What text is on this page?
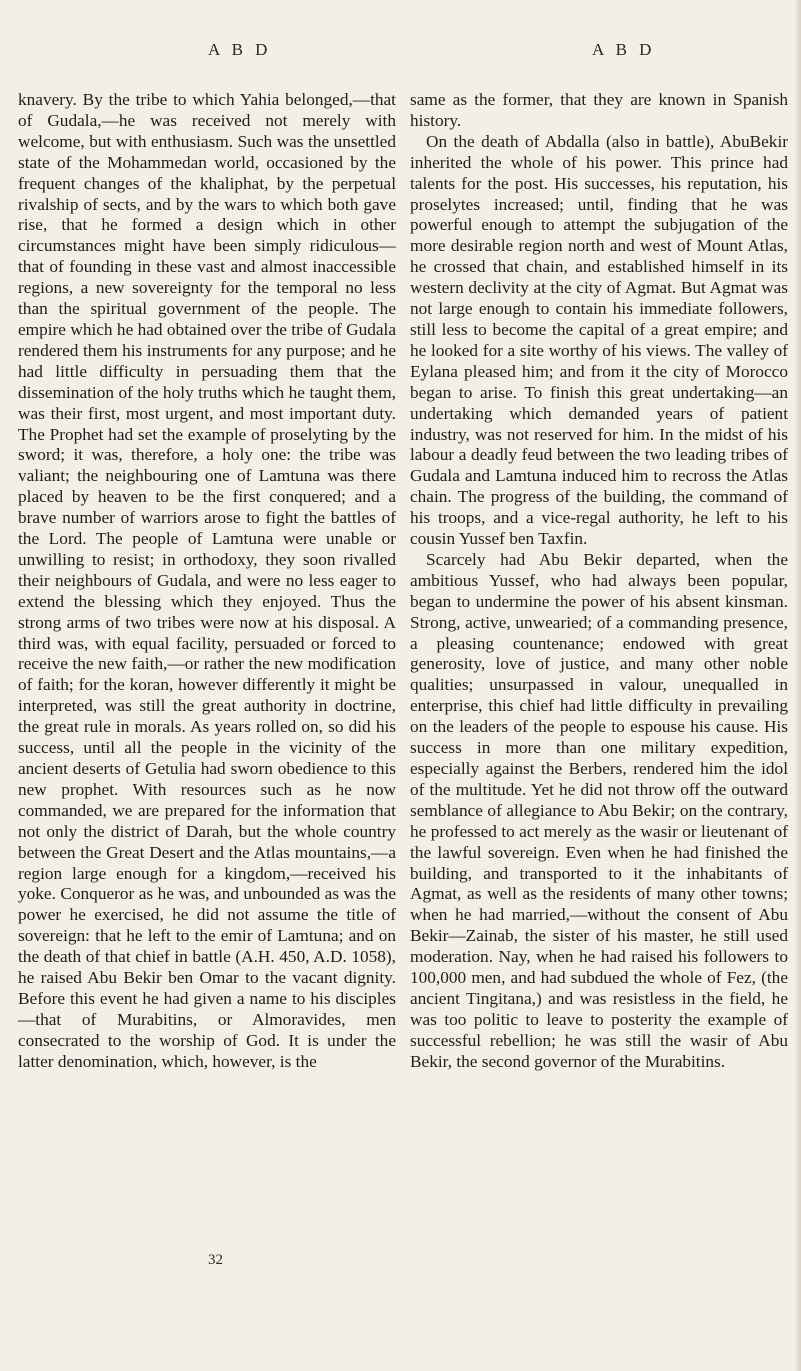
A B D	A B D

knavery. By the tribe to which Yahia belonged,—that of Gudala,—he was received not merely with welcome, but with enthusiasm. Such was the unsettled state of the Mohammedan world, occasioned by the frequent changes of the khaliphat, by the perpetual rivalship of sects, and by the wars to which both gave rise, that he formed a design which in other circumstances might have been simply ridiculous—that of founding in these vast and almost inaccessible regions, a new sovereignty for the temporal no less than the spiritual government of the people. The empire which he had obtained over the tribe of Gudala rendered them his instruments for any purpose; and he had little difficulty in persuading them that the dissemination of the holy truths which he taught them, was their first, most urgent, and most important duty. The Prophet had set the example of proselyting by the sword; it was, therefore, a holy one: the tribe was valiant; the neighbouring one of Lamtuna was there placed by heaven to be the first conquered; and a brave number of warriors arose to fight the battles of the Lord. The people of Lamtuna were unable or unwilling to resist; in orthodoxy, they soon rivalled their neighbours of Gudala, and were no less eager to extend the blessing which they enjoyed. Thus the strong arms of two tribes were now at his disposal. A third was, with equal facility, persuaded or forced to receive the new faith,—or rather the new modification of faith; for the koran, however differently it might be interpreted, was still the great authority in doctrine, the great rule in morals. As years rolled on, so did his success, until all the people in the vicinity of the ancient deserts of Getulia had sworn obedience to this new prophet. With resources such as he now commanded, we are prepared for the information that not only the district of Darah, but the whole country between the Great Desert and the Atlas mountains,—a region large enough for a kingdom,—received his yoke. Conqueror as he was, and unbounded as was the power he exercised, he did not assume the title of sovereign: that he left to the emir of Lamtuna; and on the death of that chief in battle (A.H. 450, A.D. 1058), he raised Abu Bekir ben Omar to the vacant dignity. Before this event he had given a name to his disciples—that of Murabitins, or Almoravides, men consecrated to the worship of God. It is under the latter denomination, which, however, is the

same as the former, that they are known in Spanish history.

On the death of Abdalla (also in battle), AbuBekir inherited the whole of his power. This prince had talents for the post. His successes, his reputation, his proselytes increased; until, finding that he was powerful enough to attempt the subjugation of the more desirable region north and west of Mount Atlas, he crossed that chain, and established himself in its western declivity at the city of Agmat. But Agmat was not large enough to contain his immediate followers, still less to become the capital of a great empire; and he looked for a site worthy of his views. The valley of Eylana pleased him; and from it the city of Morocco began to arise. To finish this great undertaking—an undertaking which demanded years of patient industry, was not reserved for him. In the midst of his labour a deadly feud between the two leading tribes of Gudala and Lamtuna induced him to recross the Atlas chain. The progress of the building, the command of his troops, and a vice-regal authority, he left to his cousin Yussef ben Taxfin.

Scarcely had Abu Bekir departed, when the ambitious Yussef, who had always been popular, began to undermine the power of his absent kinsman. Strong, active, unwearied; of a commanding presence, a pleasing countenance; endowed with great generosity, love of justice, and many other noble qualities; unsurpassed in valour, unequalled in enterprise, this chief had little difficulty in prevailing on the leaders of the people to espouse his cause. His success in more than one military expedition, especially against the Berbers, rendered him the idol of the multitude. Yet he did not throw off the outward semblance of allegiance to Abu Bekir; on the contrary, he professed to act merely as the wasir or lieutenant of the lawful sovereign. Even when he had finished the building, and transported to it the inhabitants of Agmat, as well as the residents of many other towns; when he had married,—without the consent of Abu Bekir—Zainab, the sister of his master, he still used moderation. Nay, when he had raised his followers to 100,000 men, and had subdued the whole of Fez, (the ancient Tingitana,) and was resistless in the field, he was too politic to leave to posterity the example of successful rebellion; he was still the wasir of Abu Bekir, the second governor of the Murabitins.

32
